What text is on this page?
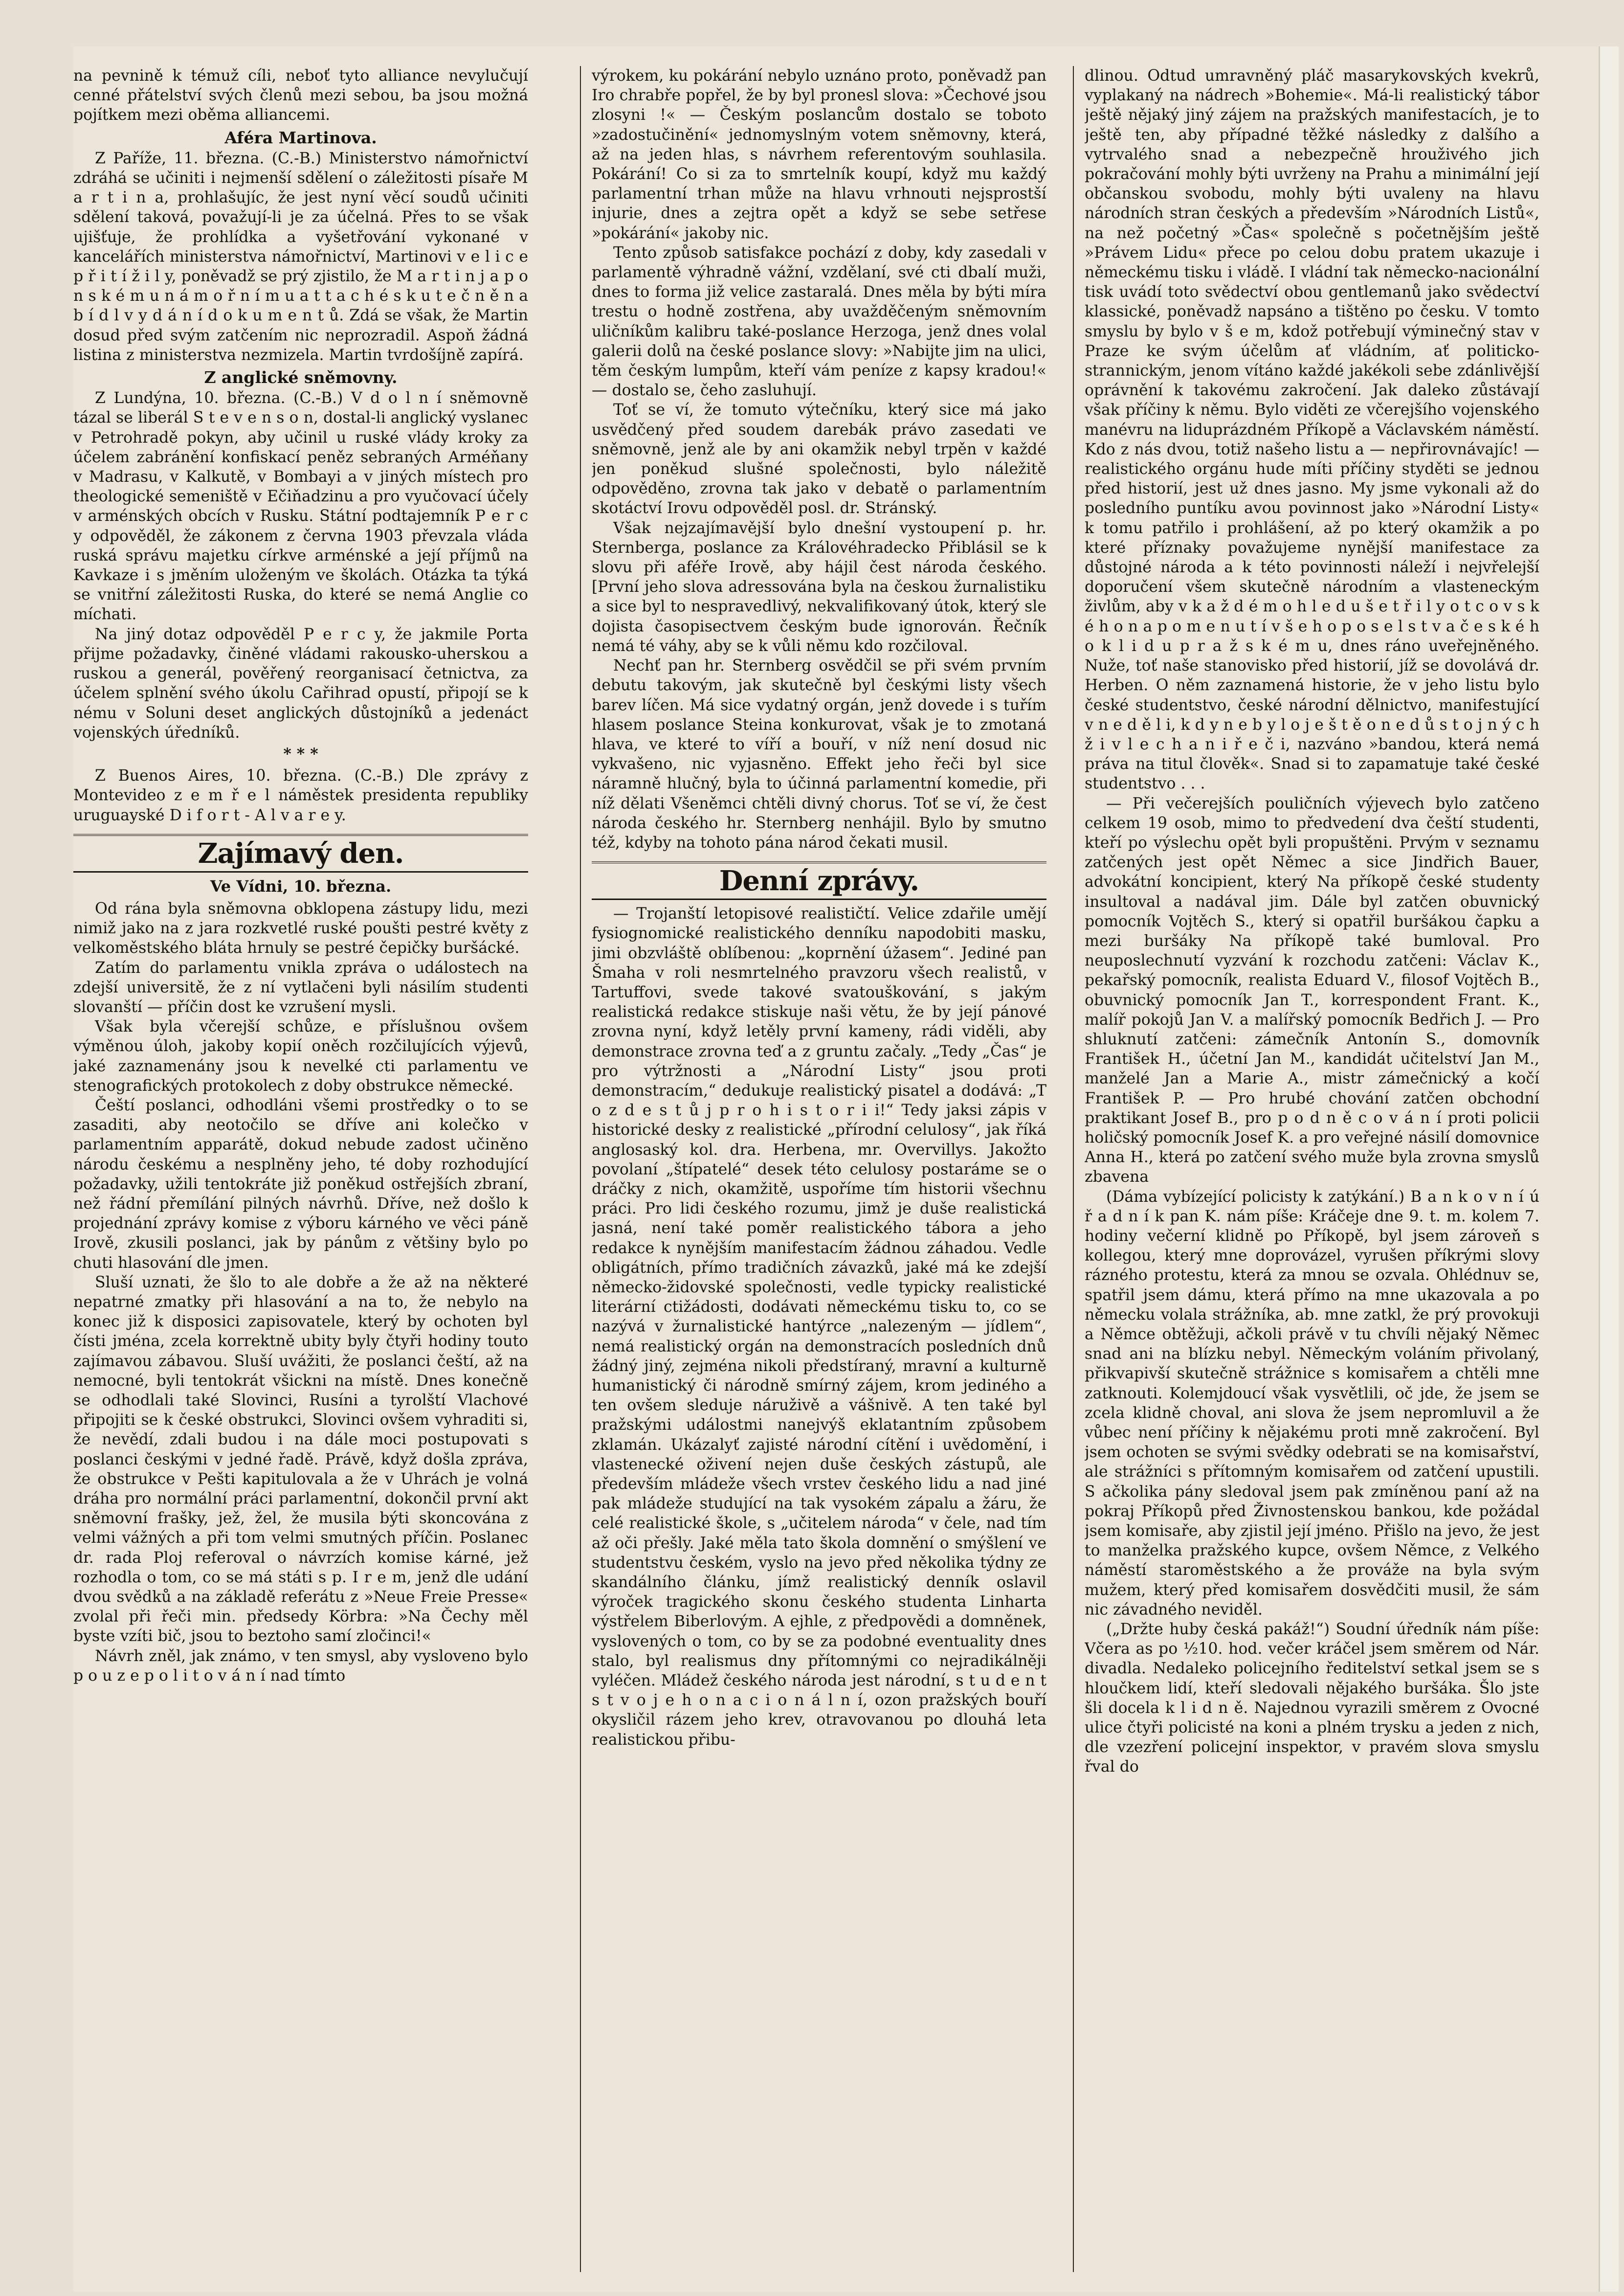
na pevnině k témuž cíli, neboť tyto alliance nevylučují cenné přátelství svých členů mezi sebou, ba jsou možná pojítkem mezi oběma alliancemi.

Aféra Martinova.

Z Paříže, 11. března. (C.-B.) Ministerstvo námořnictví zdráhá se učiniti i nejmenší sdělení o záležitosti písaře M a r t i n a, prohlašujíc, že jest nyní věcí soudů učiniti sdělení taková, považují-li je za účelná. Přes to se však ujišťuje, že prohlídka a vyšetřování vykonané v kancelářích ministerstva námořnictví, Martinovi v e l i c e p ř i t í ž i l y, poněvadž se prý zjistilo, že M a r t i n j a p o n s k é m u n á m o ř n í m u a t t a c h é s k u t e č n ě n a b í d l v y d á n í d o k u m e n t ů. Zdá se však, že Martin dosud před svým zatčením nic neprozradil. Aspoň žádná listina z ministerstva nezmizela. Martin tvrdošíjně zapírá.

Z anglické sněmovny.

Z Lundýna, 10. března. (C.-B.) V d o l n í sněmovně tázal se liberál S t e v e n s o n, dostal-li anglický vyslanec v Petrohradě pokyn, aby učinil u ruské vlády kroky za účelem zabránění konfiskací peněz sebraných Arméňany v Madrasu, v Kalkutě, v Bombayi a v jiných místech pro theologické semeniště v Ečiňadzinu a pro vyučovací účely v arménských obcích v Rusku. Státní podtajemník P e r c y odpověděl, že zákonem z června 1903 převzala vláda ruská správu majetku církve arménské a její příjmů na Kavkaze i s jměním uloženým ve školách. Otázka ta týká se vnitřní záležitosti Ruska, do které se nemá Anglie co míchati.

Na jiný dotaz odpověděl P e r c y, že jakmile Porta přijme požadavky, činěné vládami rakousko-uherskou a ruskou a generál, pověřený reorganisací četnictva, za účelem splnění svého úkolu Cařihrad opustí, připojí se k nému v Soluni deset anglických důstojníků a jedenáct vojenských úředníků.

* * *

Z Buenos Aires, 10. března. (C.-B.) Dle zprávy z Montevideo z e m ř e l náměstek presidenta republiky uruguayské D i f o r t - A l v a r e y.

Zajímavý den.
Ve Vídni, 10. března.

Od rána byla sněmovna obklopena zástupy lidu, mezi nimiž jako na z jara rozkvetlé ruské poušti pestré květy z velkoměstského bláta hrnuly se pestré čepičky buršácké.

Zatím do parlamentu vnikla zpráva o událostech na zdejší universitě, že z ní vytlačeni byli násilím studenti slovanští — příčin dost ke vzrušení mysli.

Však byla včerejší schůze, e příslušnou ovšem výměnou úloh, jakoby kopií oněch rozčilujících výjevů, jaké zaznamenány jsou k nevelké cti parlamentu ve stenografických protokolech z doby obstrukce německé.

Čeští poslanci, odhodláni všemi prostředky o to se zasaditi, aby neotočilo se dříve ani kolečko v parlamentním apparátě, dokud nebude zadost učiněno národu českému a nesplněny jeho, té doby rozhodující požadavky, užili tentokráte již poněkud ostřejších zbraní, než řádní přemílání pilných návrhů. Dříve, než došlo k projednání zprávy komise z výboru kárného ve věci páně Irově, zkusili poslanci, jak by pánům z většiny bylo po chuti hlasování dle jmen.

Sluší uznati, že šlo to ale dobře a že až na některé nepatrné zmatky při hlasování a na to, že nebylo na konec již k disposici zapisovatele, který by ochoten byl čísti jména, zcela korrektně ubity byly čtyři hodiny touto zajímavou zábavou. Sluší uvážiti, že poslanci čeští, až na nemocné, byli tentokrát všickni na místě. Dnes konečně se odhodlali také Slovinci, Rusíni a tyrolští Vlachové připojiti se k české obstrukci, Slovinci ovšem vyhraditi si, že nevědí, zdali budou i na dále moci postupovati s poslanci českými v jedné řadě. Právě, když došla zpráva, že obstrukce v Pešti kapitulovala a že v Uhrách je volná dráha pro normální práci parlamentní, dokončil první akt sněmovní frašky, jež, žel, že musila býti skoncována z velmi vážných a při tom velmi smutných příčin. Poslanec dr. rada Ploj referoval o návrzích komise kárné, jež rozhodla o tom, co se má státi s p. I r e m, jenž dle udání dvou svědků a na základě referátu z »Neue Freie Presse« zvolal při řeči min. předsedy Körbra: »Na Čechy měl byste vzíti bič, jsou to beztoho samí zločinci!«

Návrh zněl, jak známo, v ten smysl, aby vysloveno bylo p o u z e p o l i t o v á n í nad tímto

výrokem, ku pokárání nebylo uznáno proto, poněvadž pan Iro chrabře popřel, že by byl pronesl slova: »Čechové jsou zlosyni !« — Českým poslancům dostalo se toboto »zadostučinění« jednomyslným votem sněmovny, která, až na jeden hlas, s návrhem referentovým souhlasila. Pokárání! Co si za to smrtelník koupí, když mu každý parlamentní trhan může na hlavu vrhnouti nejsprostší injurie, dnes a zejtra opět a když se sebe setřese »pokárání« jakoby nic.

Tento způsob satisfakce pochází z doby, kdy zasedali v parlamentě výhradně vážní, vzdělaní, své cti dbalí muži, dnes to forma již velice zastaralá. Dnes měla by býti míra trestu o hodně zostřena, aby uvažděčeným sněmovním uličníkům kalibru také-poslance Herzoga, jenž dnes volal galerii dolů na české poslance slovy: »Nabijte jim na ulici, těm českým lumpům, kteří vám peníze z kapsy kradou!« — dostalo se, čeho zasluhují.

Toť se ví, že tomuto výtečníku, který sice má jako usvědčený před soudem darebák právo zasedati ve sněmovně, jenž ale by ani okamžik nebyl trpěn v každé jen poněkud slušné společnosti, bylo náležitě odpověděno, zrovna tak jako v debatě o parlamentním skotáctví Irovu odpověděl posl. dr. Stránský.

Však nejzajímavější bylo dnešní vystoupení p. hr. Sternberga, poslance za Královéhradecko Přiblásil se k slovu při aféře Irově, aby hájil čest národa českého. [První jeho slova adressována byla na českou žurnalistiku a sice byl to nespravedlivý, nekvalifikovaný útok, který sle dojista časopisectvem českým bude ignorován. Řečník nemá té váhy, aby se k vůli němu kdo rozčiloval.

Nechť pan hr. Sternberg osvědčil se při svém prvním debutu takovým, jak skutečně byl českými listy všech barev líčen. Má sice vydatný orgán, jenž dovede i s tuřím hlasem poslance Steina konkurovat, však je to zmotaná hlava, ve které to víří a bouří, v níž není dosud nic vykvašeno, nic vyjasněno. Effekt jeho řeči byl sice náramně hlučný, byla to účinná parlamentní komedie, při níž dělati Všeněmci chtěli divný chorus. Toť se ví, že čest národa českého hr. Sternberg nenhájil. Bylo by smutno též, kdyby na tohoto pána národ čekati musil.

Denní zprávy.

— Trojanští letopisové realističtí. Velice zdařile umějí fysiognomické realistického denníku napodobiti masku, jimi obzvláště oblíbenou: „koprnění úžasem“. Jediné pan Šmaha v roli nesmrtelného pravzoru všech realistů, v Tartuffovi, svede takové svatouškování, s jakým realistická redakce stiskuje naši větu, že by její pánové zrovna nyní, když letěly první kameny, rádi viděli, aby demonstrace zrovna teď a z gruntu začaly. „Tedy „Čas“ je pro výtržnosti a „Národní Listy“ jsou proti demonstracím,“ dedukuje realistický pisatel a dodává: „T o z d e s t ů j p r o h i s t o r i i!“ Tedy jaksi zápis v historické desky z realistické „přírodní celulosy“, jak říká anglosaský kol. dra. Herbena, mr. Overvillys. Jakožto povolaní „štípatelé“ desek této celulosy postaráme se o dráčky z nich, okamžitě, uspoříme tím historii všechnu práci. Pro lidi českého rozumu, jimž je duše realistická jasná, není také poměr realistického tábora a jeho redakce k nynějším manifestacím žádnou záhadou. Vedle obligátních, přímo tradičních závazků, jaké má ke zdejší německo-židovské společnosti, vedle typicky realistické literární ctižádosti, dodávati německému tisku to, co se nazývá v žurnalistické hantýrce „nalezeným — jídlem“, nemá realistický orgán na demonstracích posledních dnů žádný jiný, zejména nikoli předstíraný, mravní a kulturně humanistický či národně smírný zájem, krom jediného a ten ovšem sleduje náruživě a vášnivě. A ten také byl pražskými událostmi nanejvýš eklatantním způsobem zklamán. Ukázalyť zajisté národní cítění i uvědomění, i vlastenecké oživení nejen duše českých zástupů, ale především mládeže všech vrstev českého lidu a nad jiné pak mládeže studující na tak vysokém zápalu a žáru, že celé realistické škole, s „učitelem národa“ v čele, nad tím až oči přešly. Jaké měla tato škola domnění o smýšlení ve studentstvu českém, vyslo na jevo před několika týdny ze skandálního článku, jímž realistický denník oslavil výroček tragického skonu českého studenta Linharta výstřelem Biberlovým. A ejhle, z předpovědi a domněnek, vyslovených o tom, co by se za podobné eventuality dnes stalo, byl realismus dny přítomnými co nejradikálněji vyléčen. Mládež českého národa jest národní, s t u d e n t s t v o j e h o n a c i o n á l n í, ozon pražských bouří okysličil rázem jeho krev, otravovanou po dlouhá leta realistickou přibu-

dlinou. Odtud umravněný pláč masarykovských kvekrů, vyplakaný na nádrech »Bohemie«. Má-li realistický tábor ještě nějaký jiný zájem na pražských manifestacích, je to ještě ten, aby případné těžké následky z dalšího a vytrvalého snad a nebezpečně hrouživého jich pokračování mohly býti uvrženy na Prahu a minimální její občanskou svobodu, mohly býti uvaleny na hlavu národních stran českých a především »Národních Listů«, na než početný »Čas« společně s početnějším ještě »Právem Lidu« přece po celou dobu pratem ukazuje i německému tisku i vládě. I vládní tak německo-nacionální tisk uvádí toto svědectví obou gentlemanů jako svědectví klassické, poněvadž napsáno a tištěno po česku. V tomto smyslu by bylo v š e m, kdož potřebují výminečný stav v Praze ke svým účelům ať vládním, ať politicko-strannickým, jenom vítáno každé jakékoli sebe zdánlivější oprávnění k takovému zakročení. Jak daleko zůstávají však příčiny k němu. Bylo viděti ze včerejšího vojenského manévru na liduprázdném Příkopě a Václavském náměstí. Kdo z nás dvou, totiž našeho listu a — nepřirovnávajíc! — realistického orgánu hude míti příčiny styděti se jednou před historií, jest už dnes jasno. My jsme vykonali až do posledního puntíku avou povinnost jako »Národní Listy« k tomu patřilo i prohlášení, až po který okamžik a po které příznaky považujeme nynější manifestace za důstojné národa a k této povinnosti náleží i nejvřelejší doporučení všem skutečně národním a vlasteneckým živlům, aby v k a ž d é m o h l e d u š e t ř i l y o t c o v s k é h o n a p o m e n u t í v š e h o p o s e l s t v a č e s k é h o k l i d u p r a ž s k é m u, dnes ráno uveřejněného. Nuže, toť naše stanovisko před historií, jíž se dovolává dr. Herben. O něm zaznamená historie, že v jeho listu bylo české studentstvo, české národní dělnictvo, manifestující v n e d ě l i, k d y n e b y l o j e š t ě o n e d ů s t o j n ý c h ž i v l e c h a n i ř e č i, nazváno »bandou, která nemá práva na titul člověk«. Snad si to zapamatuje také české studentstvo . . .

— Při večerejších pouličních výjevech bylo zatčeno celkem 19 osob, mimo to předvedení dva čeští studenti, kteří po výslechu opět byli propuštěni. Prvým v seznamu zatčených jest opět Němec a sice Jindřich Bauer, advokátní koncipient, který Na příkopě české studenty insultoval a nadával jim. Dále byl zatčen obuvnický pomocník Vojtěch S., který si opatřil buršákou čapku a mezi buršáky Na příkopě také bumloval. Pro neuposlechnutí vyzvání k rozchodu zatčeni: Václav K., pekařský pomocník, realista Eduard V., filosof Vojtěch B., obuvnický pomocník Jan T., korrespondent Frant. K., malíř pokojů Jan V. a malířský pomocník Bedřich J. — Pro shluknutí zatčeni: zámečník Antonín S., domovník František H., účetní Jan M., kandidát učitelství Jan M., manželé Jan a Marie A., mistr zámečnický a kočí František P. — Pro hrubé chování zatčen obchodní praktikant Josef B., pro p o d n ě c o v á n í proti policii holičský pomocník Josef K. a pro veřejné násilí domovnice Anna H., která po zatčení svého muže byla zrovna smyslů zbavena

(Dáma vybízející policisty k zatýkání.) B a n k o v n í ú ř a d n í k pan K. nám píše: Kráčeje dne 9. t. m. kolem 7. hodiny večerní klidně po Příkopě, byl jsem zároveň s kollegou, který mne doprovázel, vyrušen příkrými slovy rázného protestu, která za mnou se ozvala. Ohlédnuv se, spatřil jsem dámu, která přímo na mne ukazovala a po německu volala strážníka, ab. mne zatkl, že prý provokuji a Němce obtěžuji, ačkoli právě v tu chvíli nějaký Němec snad ani na blízku nebyl. Německým voláním přivolaný, přikvapivší skutečně strážnice s komisařem a chtěli mne zatknouti. Kolemjdoucí však vysvětlili, oč jde, že jsem se zcela klidně choval, ani slova že jsem nepromluvil a že vůbec není příčiny k nějakému proti mně zakročení. Byl jsem ochoten se svými svědky odebrati se na komisařství, ale strážníci s přítomným komisařem od zatčení upustili. S ačkolika pány sledoval jsem pak zmíněnou paní až na pokraj Příkopů před Živnostenskou bankou, kde požádal jsem komisaře, aby zjistil její jméno. Přišlo na jevo, že jest to manželka pražského kupce, ovšem Němce, z Velkého náměstí staroměstského a že prováže na byla svým mužem, který před komisařem dosvědčiti musil, že sám nic závadného neviděl.

(„Držte huby česká pakáž!“) Soudní úředník nám píše: Včera as po ½10. hod. večer kráčel jsem směrem od Nár. divadla. Nedaleko policejního ředitelství setkal jsem se s hloučkem lidí, kteří sledovali nějakého buršáka. Šlo jste šli docela k l i d n ě. Najednou vyrazili směrem z Ovocné ulice čtyři policisté na koni a plném trysku a jeden z nich, dle vzezření policejní inspektor, v pravém slova smyslu řval do
